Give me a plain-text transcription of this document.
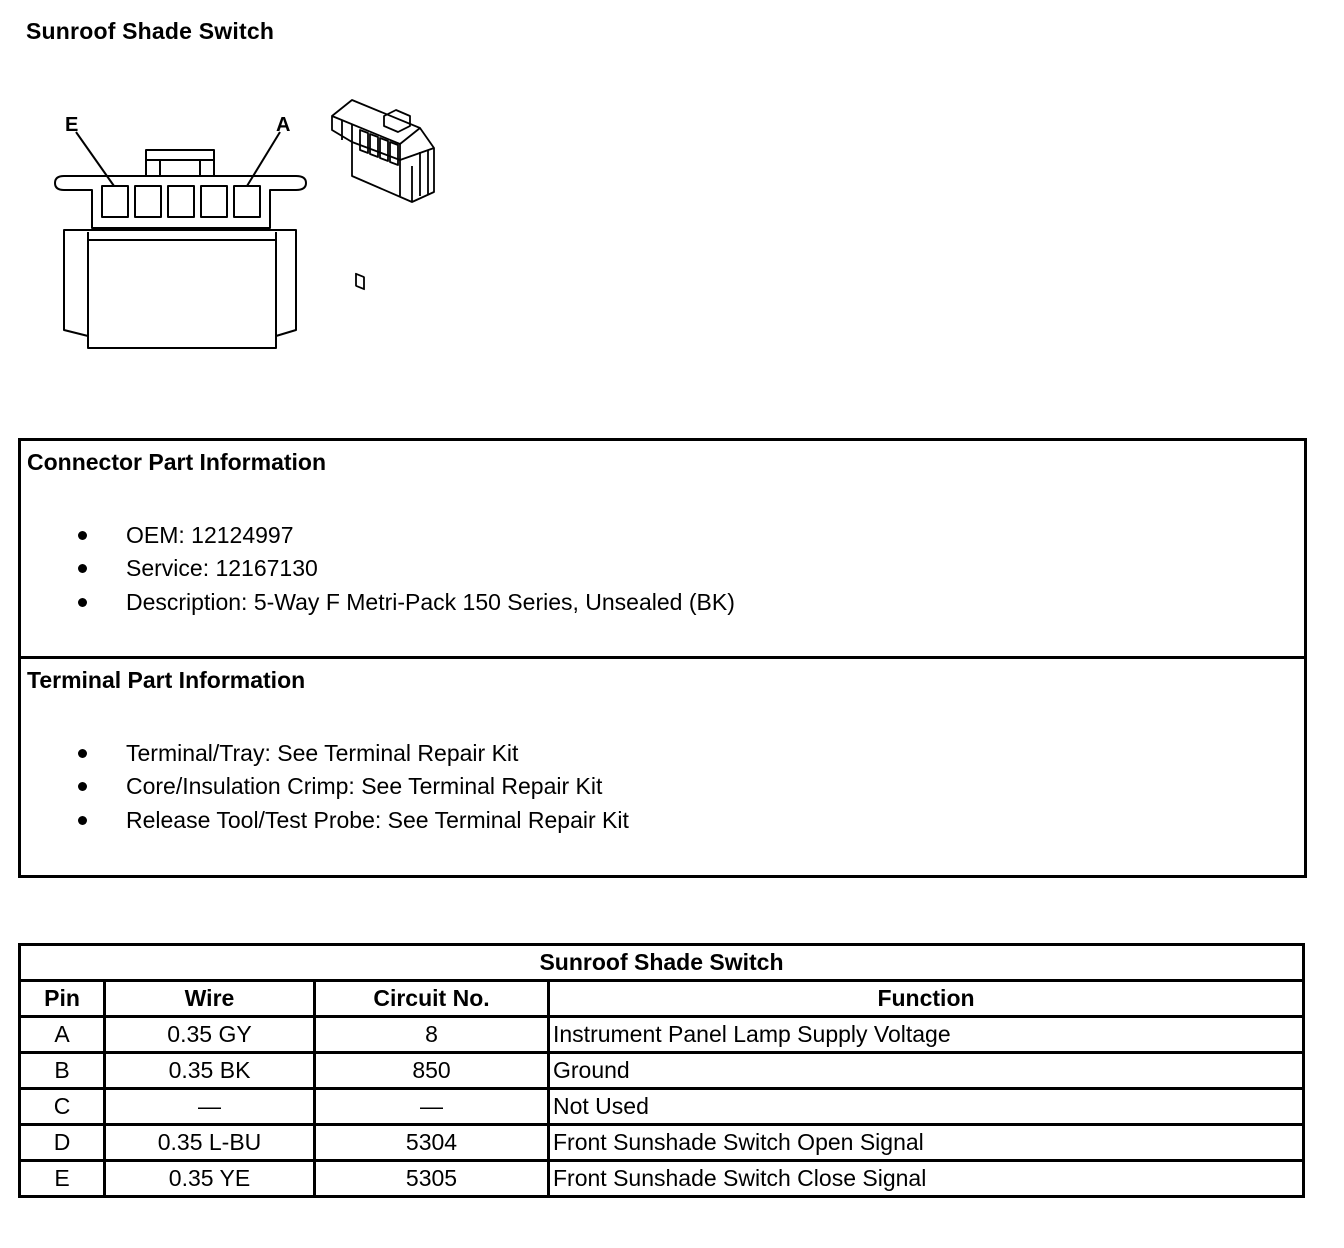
Sunroof Shade Switch
E	A
Connector Part Information
OEM: 12124997
Service: 12167130
Description: 5-Way F Metri-Pack 150 Series, Unsealed (BK)
Terminal Part Information
Terminal/Tray: See Terminal Repair Kit
Core/Insulation Crimp: See Terminal Repair Kit
Release Tool/Test Probe: See Terminal Repair Kit
Sunroof Shade Switch			
Pin	Wire	Circuit No.	Function
A	0.35 GY	8	Instrument Panel Lamp Supply Voltage
B	0.35 BK	850	Ground
C	—	—	Not Used
D	0.35 L-BU	5304	Front Sunshade Switch Open Signal
E	0.35 YE	5305	Front Sunshade Switch Close Signal
